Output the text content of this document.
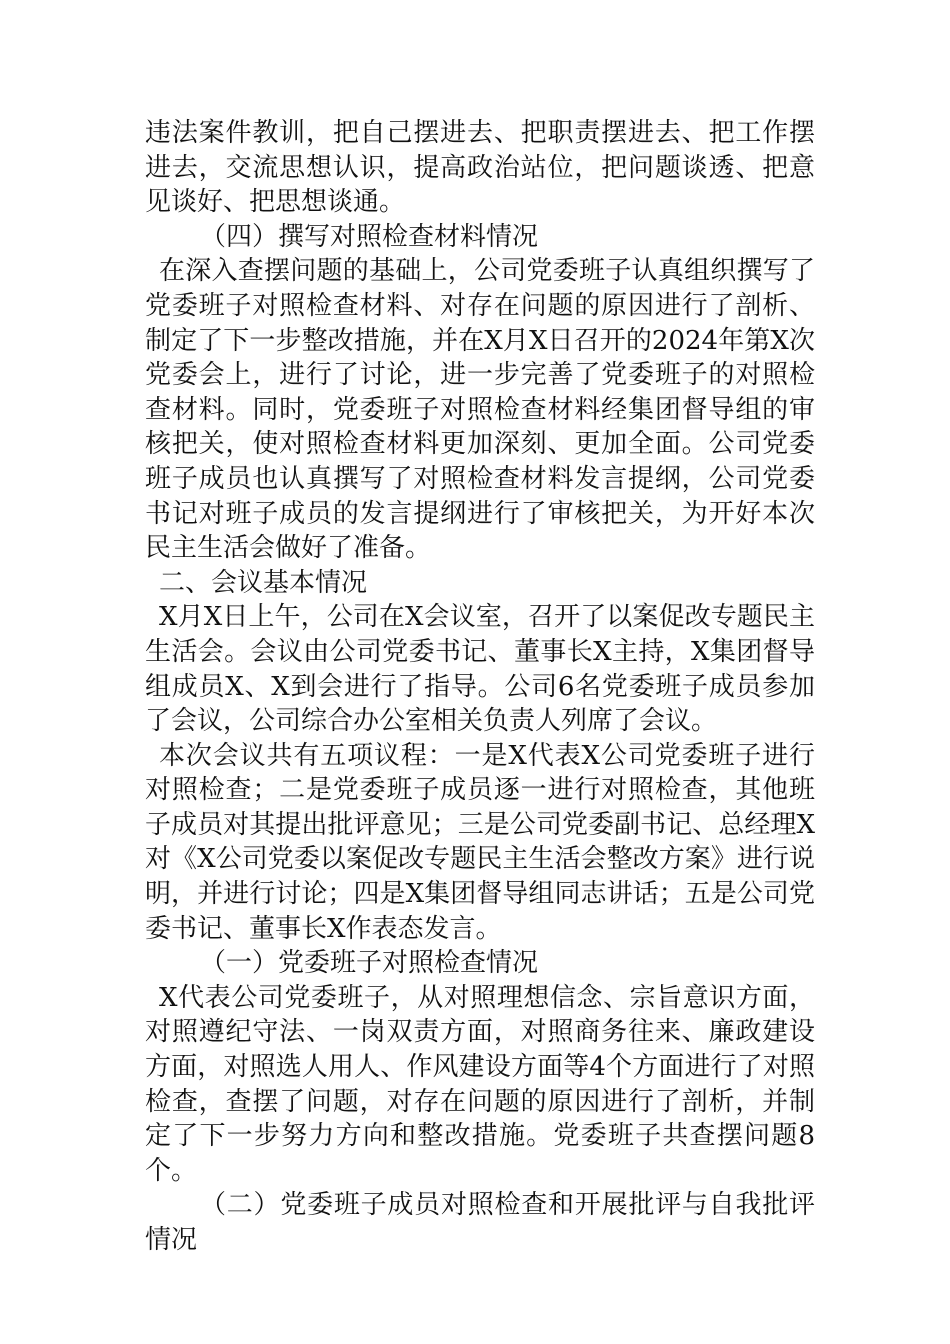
违法案件教训，把自己摆进去、把职责摆进去、把工作摆进去，交流思想认识，提高政治站位，把问题谈透、把意见谈好、把思想谈通。

（四）撰写对照检查材料情况

在深入查摆问题的基础上，公司党委班子认真组织撰写了党委班子对照检查材料、对存在问题的原因进行了剖析、制定了下一步整改措施，并在X月X日召开的2024年第X次党委会上，进行了讨论，进一步完善了党委班子的对照检查材料。同时，党委班子对照检查材料经集团督导组的审核把关，使对照检查材料更加深刻、更加全面。公司党委班子成员也认真撰写了对照检查材料发言提纲，公司党委书记对班子成员的发言提纲进行了审核把关，为开好本次民主生活会做好了准备。

二、会议基本情况

X月X日上午，公司在X会议室，召开了以案促改专题民主生活会。会议由公司党委书记、董事长X主持，X集团督导组成员X、X到会进行了指导。公司6名党委班子成员参加了会议，公司综合办公室相关负责人列席了会议。

本次会议共有五项议程：一是X代表X公司党委班子进行对照检查；二是党委班子成员逐一进行对照检查，其他班子成员对其提出批评意见；三是公司党委副书记、总经理X对《X公司党委以案促改专题民主生活会整改方案》进行说明，并进行讨论；四是X集团督导组同志讲话；五是公司党委书记、董事长X作表态发言。

（一）党委班子对照检查情况

X代表公司党委班子，从对照理想信念、宗旨意识方面，对照遵纪守法、一岗双责方面，对照商务往来、廉政建设方面，对照选人用人、作风建设方面等4个方面进行了对照检查，查摆了问题，对存在问题的原因进行了剖析，并制定了下一步努力方向和整改措施。党委班子共查摆问题8个。

（二）党委班子成员对照检查和开展批评与自我批评情况
